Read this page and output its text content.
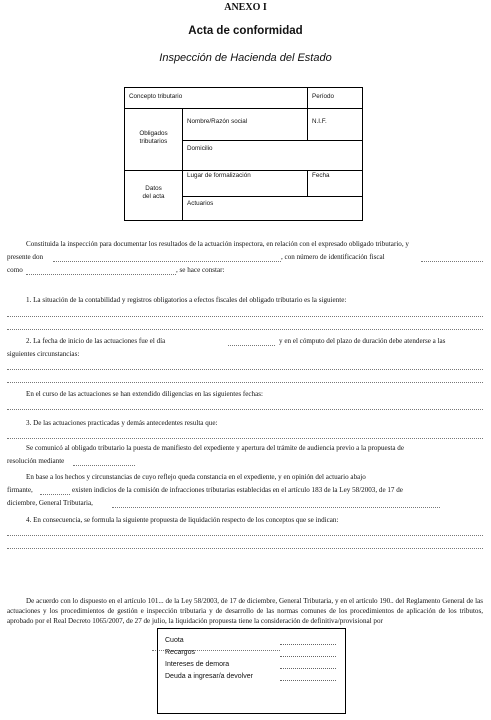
ANEXO I
Acta de conformidad
Inspección de Hacienda del Estado
Concepto tributario	Período
Obligados
tributarios
Nombre/Razón social	N.I.F.
Domicilio
Datos
del acta
Lugar de formalización	Fecha
Actuarios
Constituida la inspección para documentar los resultados de la actuación inspectora, en relación con el expresado obligado tributario, y
presente don	, con número de identificación fiscal
como	, se hace constar:
1. La situación de la contabilidad y registros obligatorios a efectos fiscales del obligado tributario es la siguiente:
2. La fecha de inicio de las actuaciones fue el día	y en el cómputo del plazo de duración debe atenderse a las
siguientes circunstancias:
En el curso de las actuaciones se han extendido diligencias en las siguientes fechas:
3. De las actuaciones practicadas y demás antecedentes resulta que:
Se comunicó al obligado tributario la puesta de manifiesto del expediente y apertura del trámite de audiencia previo a la propuesta de
resolución mediante
En base a los hechos y circunstancias de cuyo reflejo queda constancia en el expediente, y en opinión del actuario abajo
firmante,	existen indicios de la comisión de infracciones tributarias establecidas en el artículo 183 de la Ley 58/2003, de 17 de
diciembre, General Tributaria,
4. En consecuencia, se formula la siguiente propuesta de liquidación respecto de los conceptos que se indican:
De acuerdo con lo dispuesto en el artículo 101... de la Ley 58/2003, de 17 de diciembre, General Tributaria, y en el artículo 190.. del Reglamento General de las actuaciones y los procedimientos de gestión e inspección tributaria y de desarrollo de las normas comunes de los procedimientos de aplicación de los tributos, aprobado por el Real Decreto 1065/2007, de 27 de julio, la liquidación propuesta tiene la consideración de definitiva/provisional por
Cuota
Recargos
Intereses de demora
Deuda a ingresar/a devolver
